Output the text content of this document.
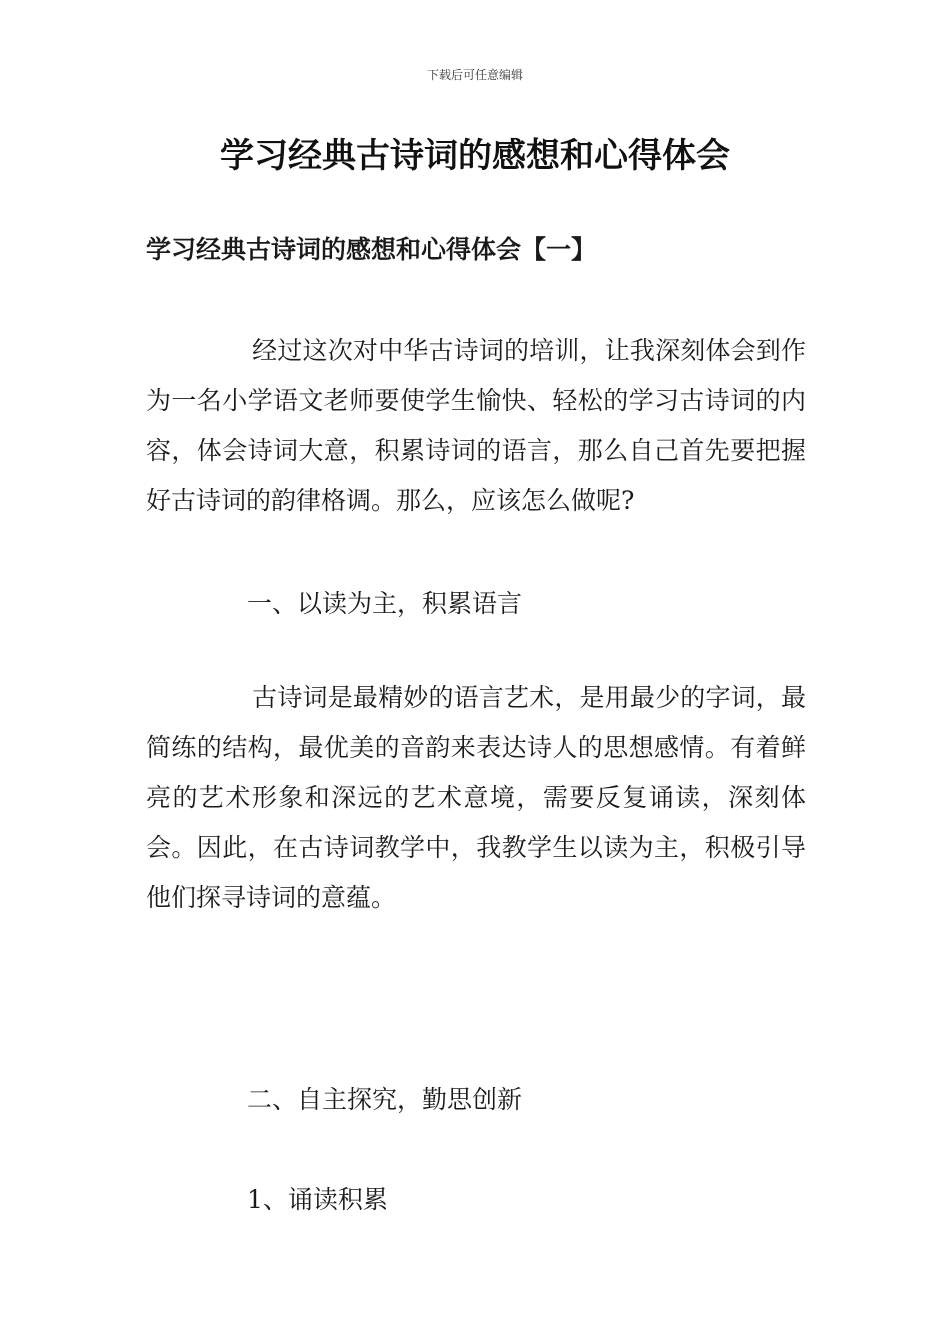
下载后可任意编辑
学习经典古诗词的感想和心得体会
学习经典古诗词的感想和心得体会【一】

经过这次对中华古诗词的培训，让我深刻体会到作为一名小学语文老师要使学生愉快、轻松的学习古诗词的内容，体会诗词大意，积累诗词的语言，那么自己首先要把握好古诗词的韵律格调。那么，应该怎么做呢?

一、以读为主，积累语言

古诗词是最精妙的语言艺术，是用最少的字词，最简练的结构，最优美的音韵来表达诗人的思想感情。有着鲜亮的艺术形象和深远的艺术意境，需要反复诵读，深刻体会。因此，在古诗词教学中，我教学生以读为主，积极引导他们探寻诗词的意蕴。

二、自主探究，勤思创新

1、诵读积累
